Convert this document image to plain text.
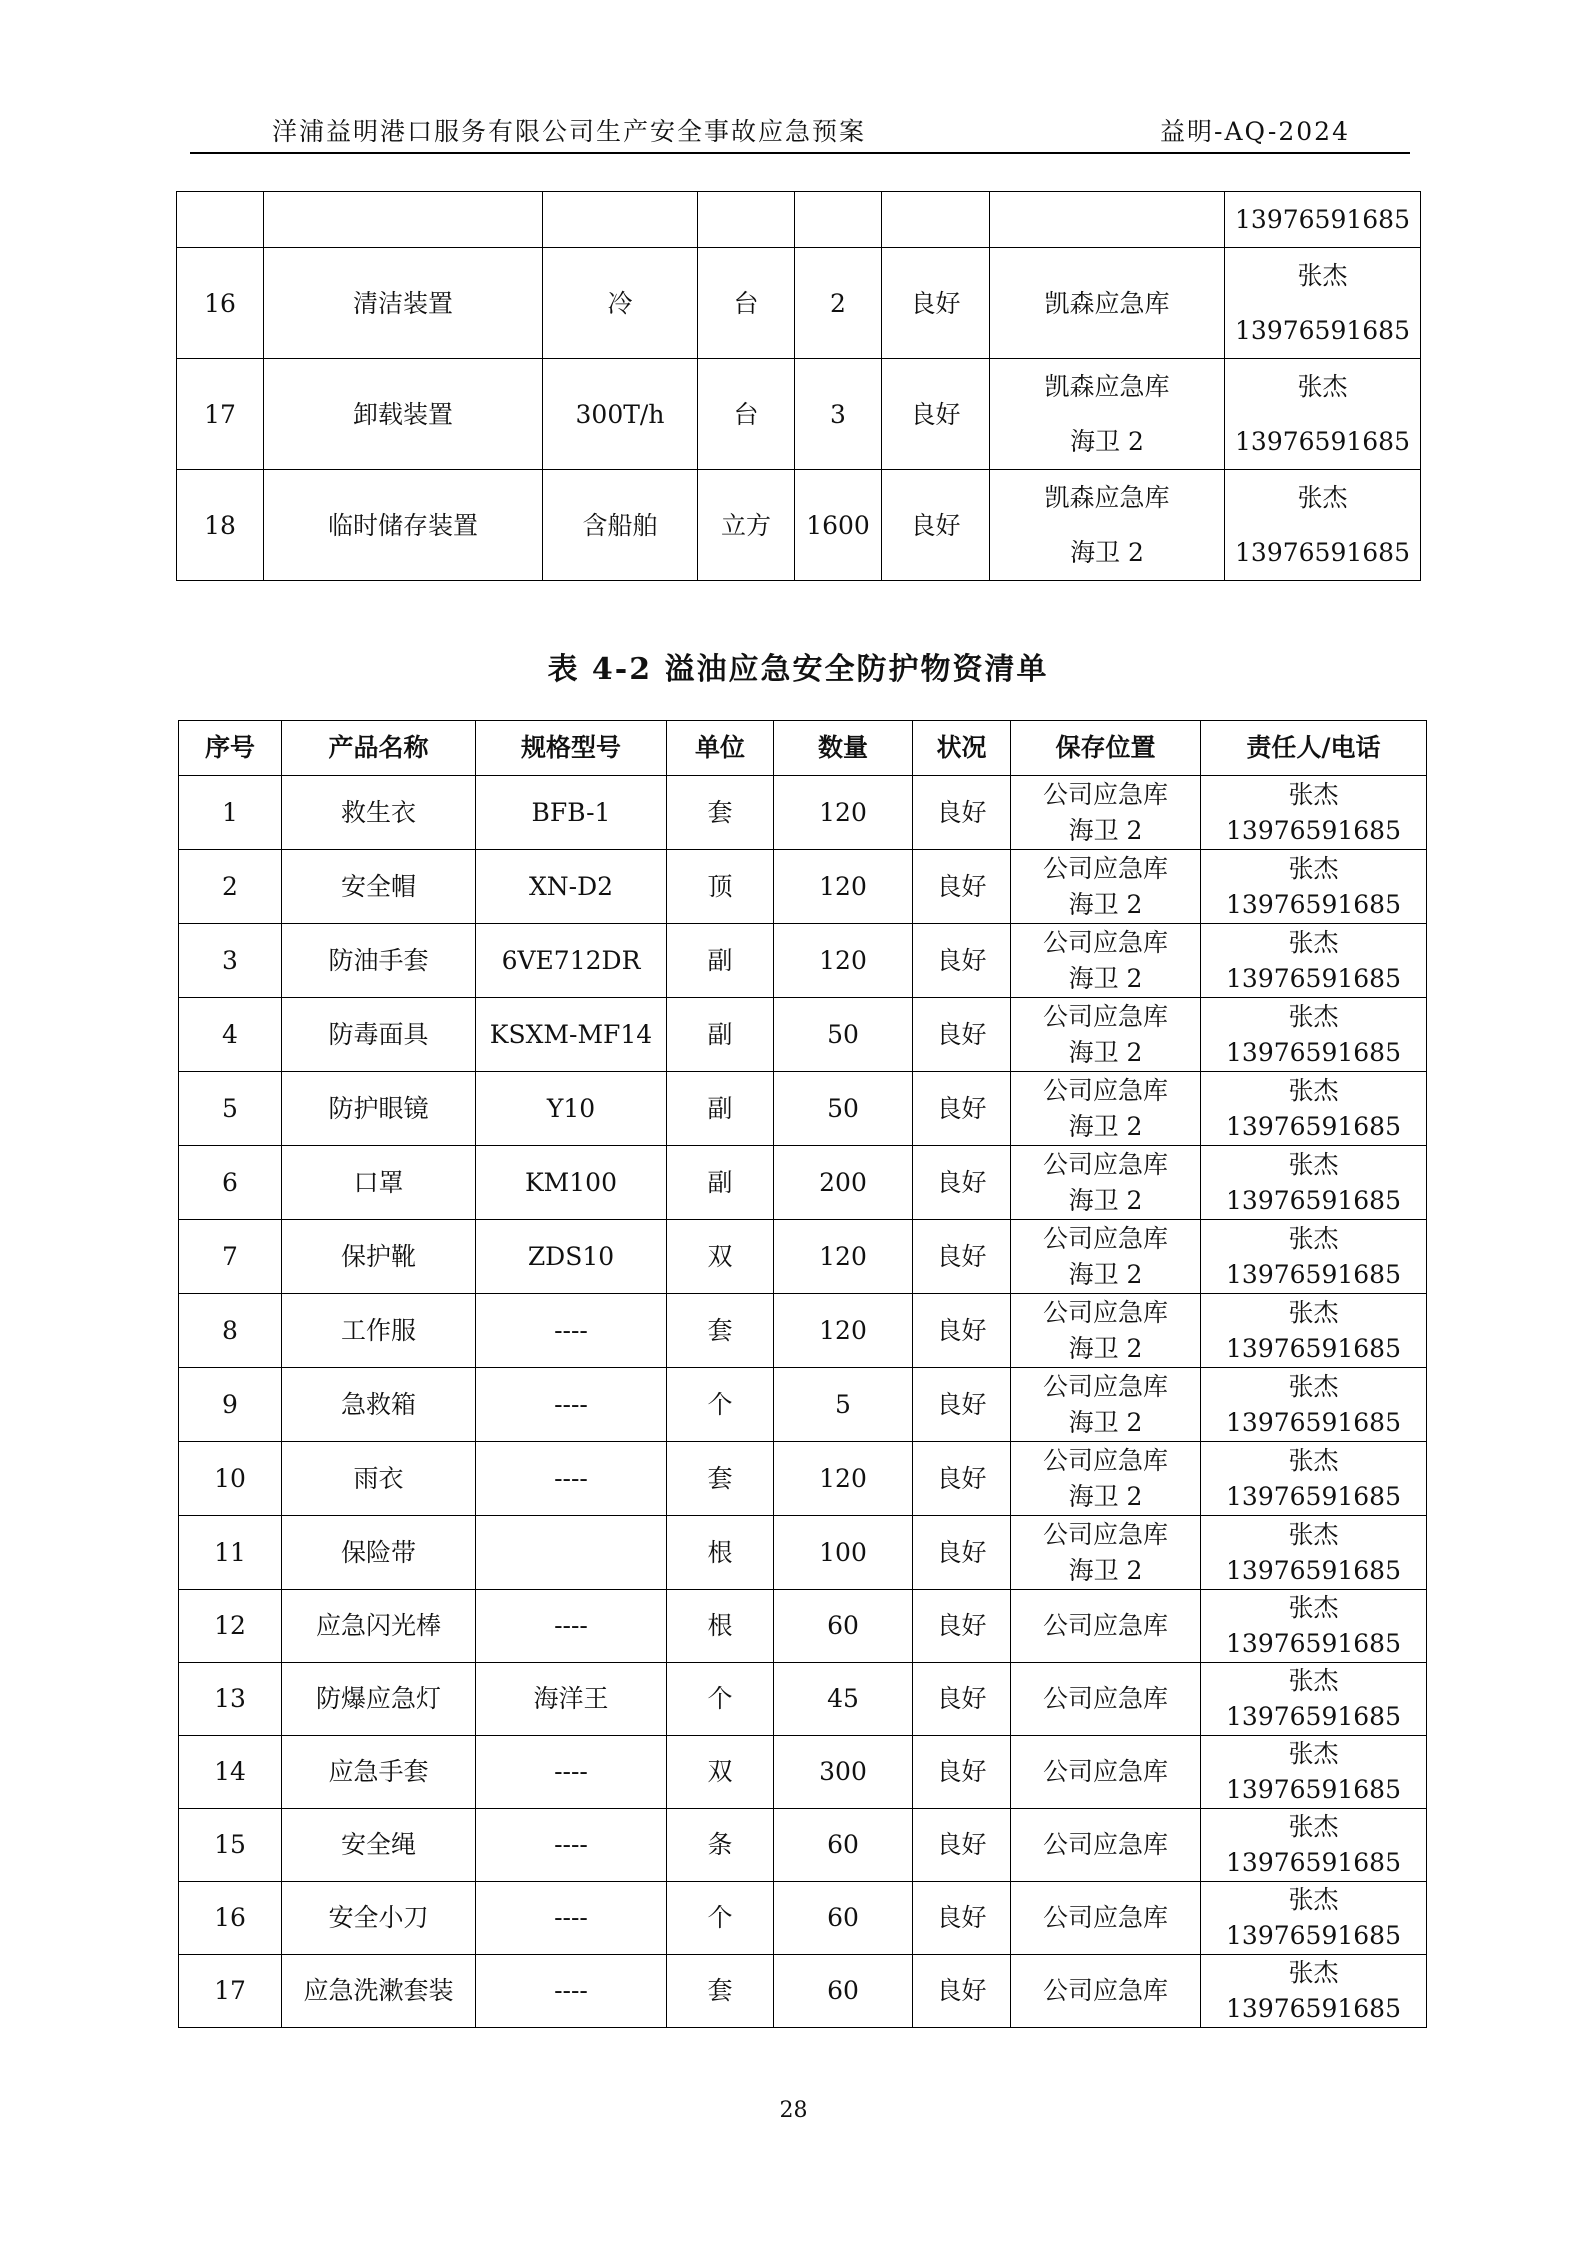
洋浦益明港口服务有限公司生产安全事故应急预案	益明-AQ-2024
							13976591685
16	清洁装置	冷	台	2	良好	凯森应急库	张杰
13976591685

17	卸载装置	300T/h	台	3	良好	凯森应急库
海卫 2	张杰
13976591685

18	临时储存装置	含船舶	立方	1600	良好	凯森应急库
海卫 2	张杰
13976591685
表 4-2 溢油应急安全防护物资清单
序号	产品名称	规格型号	单位	数量	状况	保存位置	责任人/电话
1	救生衣	BFB-1	套	120	良好	公司应急库
海卫 2	张杰
13976591685

2	安全帽	XN-D2	顶	120	良好	公司应急库
海卫 2	张杰
13976591685

3	防油手套	6VE712DR	副	120	良好	公司应急库
海卫 2	张杰
13976591685

4	防毒面具	KSXM-MF14	副	50	良好	公司应急库
海卫 2	张杰
13976591685

5	防护眼镜	Y10	副	50	良好	公司应急库
海卫 2	张杰
13976591685

6	口罩	KM100	副	200	良好	公司应急库
海卫 2	张杰
13976591685

7	保护靴	ZDS10	双	120	良好	公司应急库
海卫 2	张杰
13976591685

8	工作服	----	套	120	良好	公司应急库
海卫 2	张杰
13976591685

9	急救箱	----	个	5	良好	公司应急库
海卫 2	张杰
13976591685

10	雨衣	----	套	120	良好	公司应急库
海卫 2	张杰
13976591685

11	保险带		根	100	良好	公司应急库
海卫 2	张杰
13976591685

12	应急闪光棒	----	根	60	良好	公司应急库	张杰
13976591685

13	防爆应急灯	海洋王	个	45	良好	公司应急库	张杰
13976591685

14	应急手套	----	双	300	良好	公司应急库	张杰
13976591685

15	安全绳	----	条	60	良好	公司应急库	张杰
13976591685

16	安全小刀	----	个	60	良好	公司应急库	张杰
13976591685

17	应急洗漱套装	----	套	60	良好	公司应急库	张杰
13976591685
28
